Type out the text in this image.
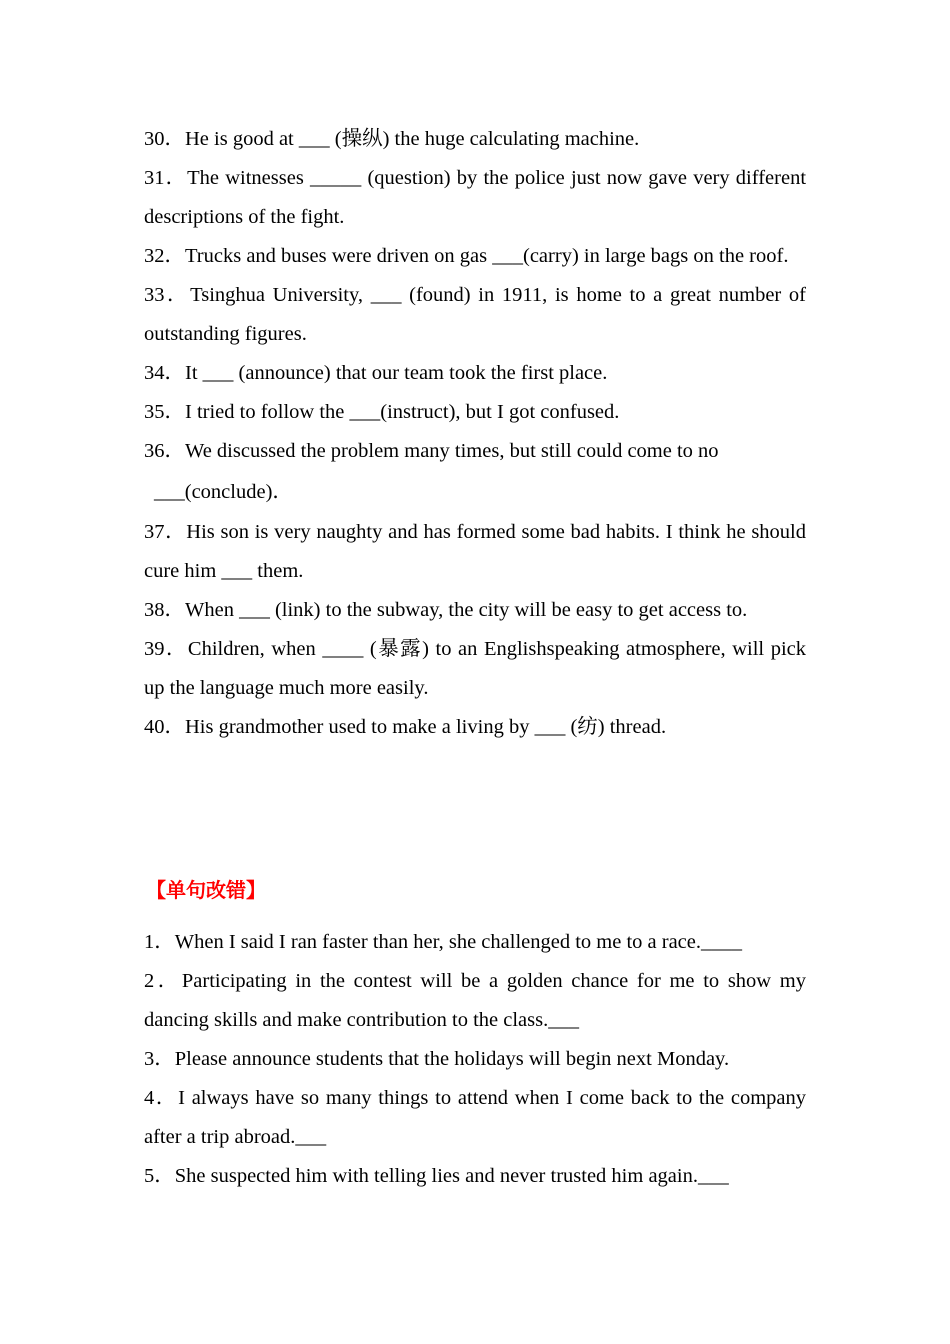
30．He is good at ___ (操纵) the huge calculating machine.

31．The witnesses _____ (question) by the police just now gave very different descriptions of the fight.

32．Trucks and buses were driven on gas ___(carry) in large bags on the roof.

33．Tsinghua University, ___ (found) in 1911, is home to a great number of outstanding figures.

34．It ___ (announce) that our team took the first place.

35．I tried to follow the ___(instruct), but I got confused.

36．We discussed the problem many times, but still could come to no

___(conclude)．

37．His son is very naughty and has formed some bad habits. I think he should cure him ___ them.

38．When ___ (link) to the subway, the city will be easy to get access to.

39．Children, when ____ (暴露) to an Englishspeaking atmosphere, will pick up the language much more easily.

40．His grandmother used to make a living by ___ (纺) thread.

【单句改错】

1．When I said I ran faster than her, she challenged to me to a race.____

2．Participating in the contest will be a golden chance for me to show my dancing skills and make contribution to the class.___

3．Please announce students that the holidays will begin next Monday.

4．I always have so many things to attend when I come back to the company after a trip abroad.___

5．She suspected him with telling lies and never trusted him again.___
